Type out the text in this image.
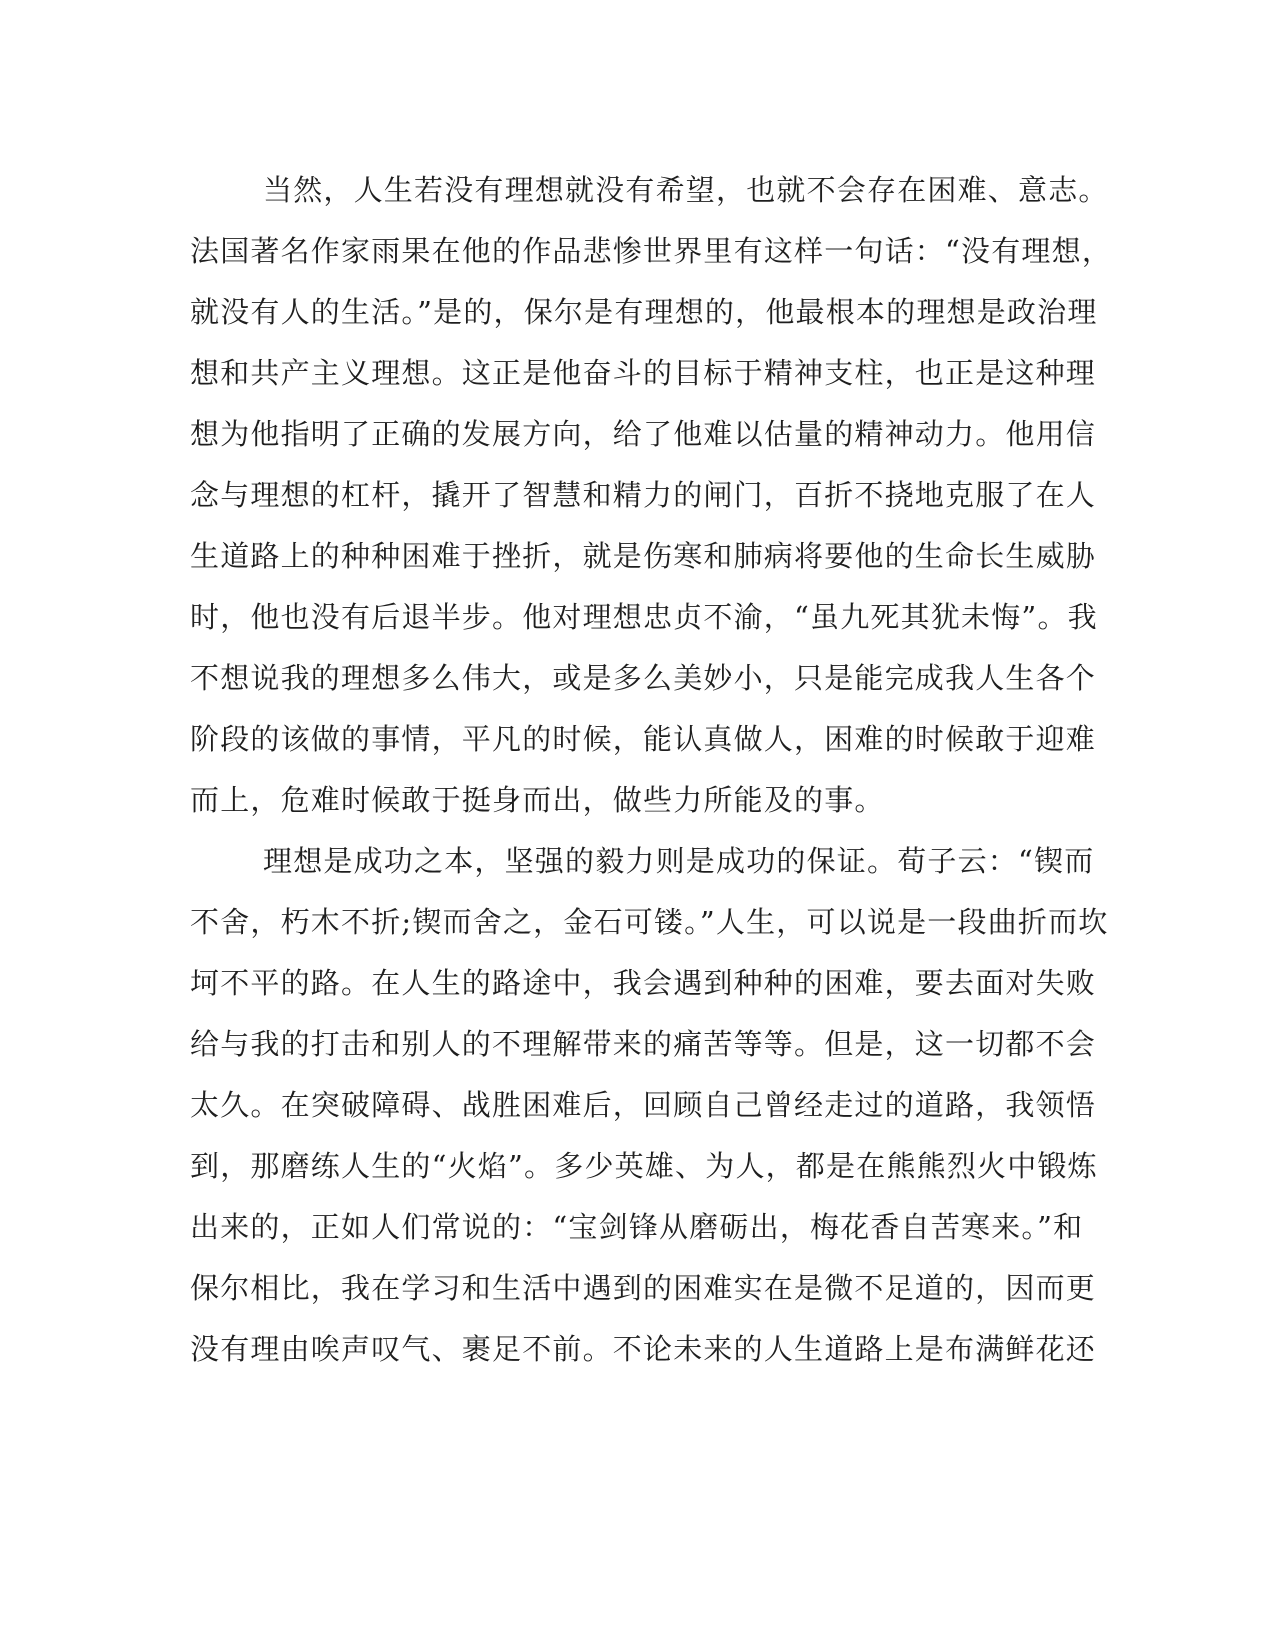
当然，人生若没有理想就没有希望，也就不会存在困难、意志。
法国著名作家雨果在他的作品悲惨世界里有这样一句话：“没有理想，
就没有人的生活。”是的，保尔是有理想的，他最根本的理想是政治理
想和共产主义理想。这正是他奋斗的目标于精神支柱，也正是这种理
想为他指明了正确的发展方向，给了他难以估量的精神动力。他用信
念与理想的杠杆，撬开了智慧和精力的闸门，百折不挠地克服了在人
生道路上的种种困难于挫折，就是伤寒和肺病将要他的生命长生威胁
时，他也没有后退半步。他对理想忠贞不渝，“虽九死其犹未悔”。我
不想说我的理想多么伟大，或是多么美妙小，只是能完成我人生各个
阶段的该做的事情，平凡的时候，能认真做人，困难的时候敢于迎难
而上，危难时候敢于挺身而出，做些力所能及的事。
理想是成功之本，坚强的毅力则是成功的保证。荀子云：“锲而
不舍，朽木不折;锲而舍之，金石可镂。”人生，可以说是一段曲折而坎
坷不平的路。在人生的路途中，我会遇到种种的困难，要去面对失败
给与我的打击和别人的不理解带来的痛苦等等。但是，这一切都不会
太久。在突破障碍、战胜困难后，回顾自己曾经走过的道路，我领悟
到，那磨练人生的“火焰”。多少英雄、为人，都是在熊熊烈火中锻炼
出来的，正如人们常说的：“宝剑锋从磨砺出，梅花香自苦寒来。”和
保尔相比，我在学习和生活中遇到的困难实在是微不足道的，因而更
没有理由唉声叹气、裹足不前。不论未来的人生道路上是布满鲜花还
